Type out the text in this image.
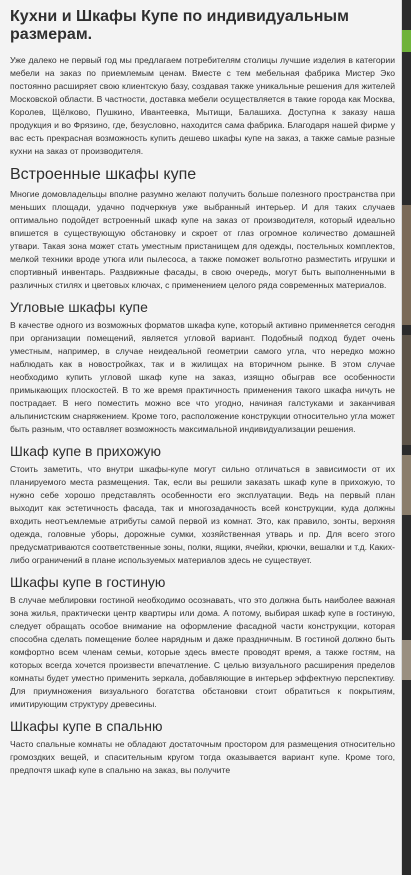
Кухни и Шкафы Купе по индивидуальным размерам.

Уже далеко не первый год мы предлагаем потребителям столицы лучшие изделия в категории мебели на заказ по приемлемым ценам. Вместе с тем мебельная фабрика Мистер Эко постоянно расширяет свою клиентскую базу, создавая также уникальные решения для жителей Московской области. В частности, доставка мебели осуществляется в такие города как Москва, Королев, Щёлково, Пушкино, Ивантеевка, Мытищи, Балашиха. Доступна к заказу наша продукция и во Фрязино, где, безусловно, находится сама фабрика. Благодаря нашей фирме у вас есть прекрасная возможность купить дешево шкафы купе на заказ, а также самые разные кухни на заказ от производителя.

Встроенные шкафы купе

Многие домовладельцы вполне разумно желают получить больше полезного пространства при меньших площади, удачно подчеркнув уже выбранный интерьер. И для таких случаев оптимально подойдет встроенный шкаф купе на заказ от производителя, который идеально впишется в существующую обстановку и скроет от глаз огромное количество домашней утвари. Такая зона может стать уместным пристанищем для одежды, постельных комплектов, мелкой техники вроде утюга или пылесоса, а также поможет вольготно разместить игрушки и спортивный инвентарь. Раздвижные фасады, в свою очередь, могут быть выполненными в различных стилях и цветовых ключах, с применением целого ряда современных материалов.

Угловые шкафы купе

В качестве одного из возможных форматов шкафа купе, который активно применяется сегодня при организации помещений, является угловой вариант. Подобный подход будет очень уместным, например, в случае неидеальной геометрии самого угла, что нередко можно наблюдать как в новостройках, так и в жилищах на вторичном рынке. В этом случае необходимо купить угловой шкаф купе на заказ, изящно обыграв все особенности примыкающих плоскостей. В то же время практичность применения такого шкафа ничуть не пострадает. В него поместить можно все что угодно, начиная галстуками и заканчивая альпинистским снаряжением. Кроме того, расположение конструкции относительно угла может быть разным, что оставляет возможность максимальной индивидуализации решения.

Шкаф купе в прихожую

Стоить заметить, что внутри шкафы-купе могут сильно отличаться в зависимости от их планируемого места размещения. Так, если вы решили заказать шкаф купе в прихожую, то нужно себе хорошо представлять особенности его эксплуатации. Ведь на первый план выходит как эстетичность фасада, так и многозадачность всей конструкции, куда должны входить неотъемлемые атрибуты самой первой из комнат. Это, как правило, зонты, верхняя одежда, головные уборы, дорожные сумки, хозяйственная утварь и пр. Для всего этого предусматриваются соответственные зоны, полки, ящики, ячейки, крючки, вешалки и т.д. Каких-либо ограничений в плане используемых материалов здесь не существует.

Шкафы купе в гостиную

В случае меблировки гостиной необходимо осознавать, что это должна быть наиболее важная зона жилья, практически центр квартиры или дома. А потому, выбирая шкаф купе в гостиную, следует обращать особое внимание на оформление фасадной части конструкции, которая способна сделать помещение более нарядным и даже праздничным. В гостиной должно быть комфортно всем членам семьи, которые здесь вместе проводят время, а также гостям, на которых всегда хочется произвести впечатление. С целью визуального расширения пределов комнаты будет уместно применить зеркала, добавляющие в интерьер эффектную перспективу. Для приумножения визуального богатства обстановки стоит обратиться к покрытиям, имитирующим структуру древесины.

Шкафы купе в спальню

Часто спальные комнаты не обладают достаточным простором для размещения относительно громоздких вещей, и спасительным кругом тогда оказывается вариант купе. Кроме того, предпочтя шкаф купе в спальню на заказ, вы получите
